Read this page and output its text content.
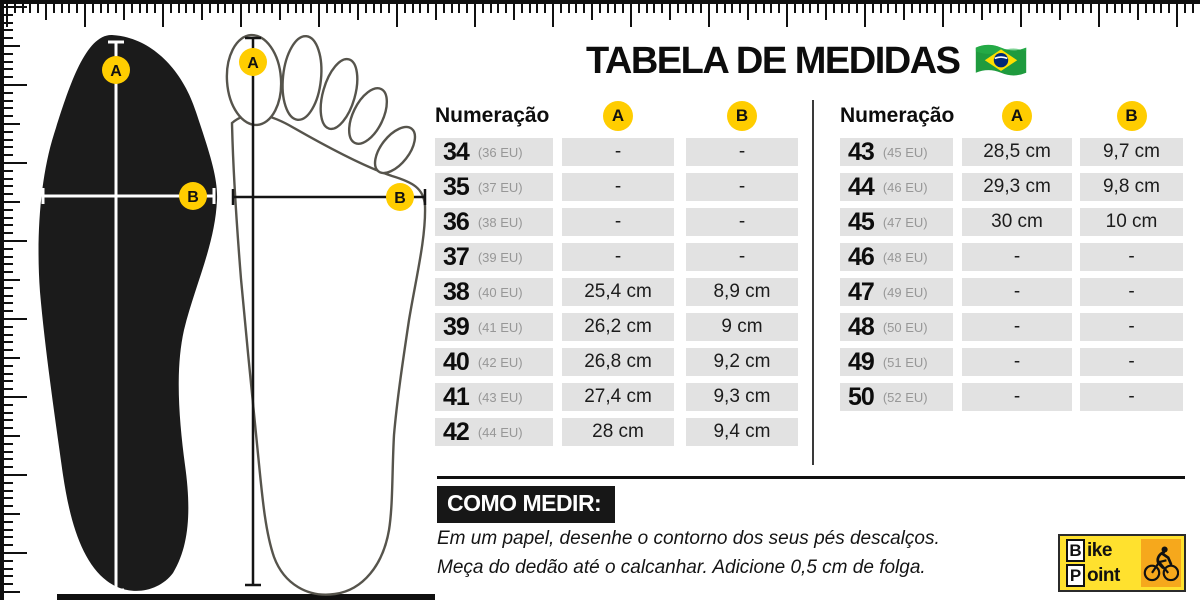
A
B
A
B
TABELA DE MEDIDAS
Numeração	A	B
34 (36 EU)	-	-
35 (37 EU)	-	-
36 (38 EU)	-	-
37 (39 EU)	-	-
38 (40 EU)	25,4 cm	8,9 cm
39 (41 EU)	26,2 cm	9 cm
40 (42 EU)	26,8 cm	9,2 cm
41 (43 EU)	27,4 cm	9,3 cm
42 (44 EU)	28 cm	9,4 cm
Numeração	A	B
43 (45 EU)	28,5 cm	9,7 cm
44 (46 EU)	29,3 cm	9,8 cm
45 (47 EU)	30 cm	10 cm
46 (48 EU)	-	-
47 (49 EU)	-	-
48 (50 EU)	-	-
49 (51 EU)	-	-
50 (52 EU)	-	-
COMO MEDIR:
Em um papel, desenhe o contorno dos seus pés descalços.
Meça do dedão até o calcanhar. Adicione 0,5 cm de folga.
B ike
P oint
